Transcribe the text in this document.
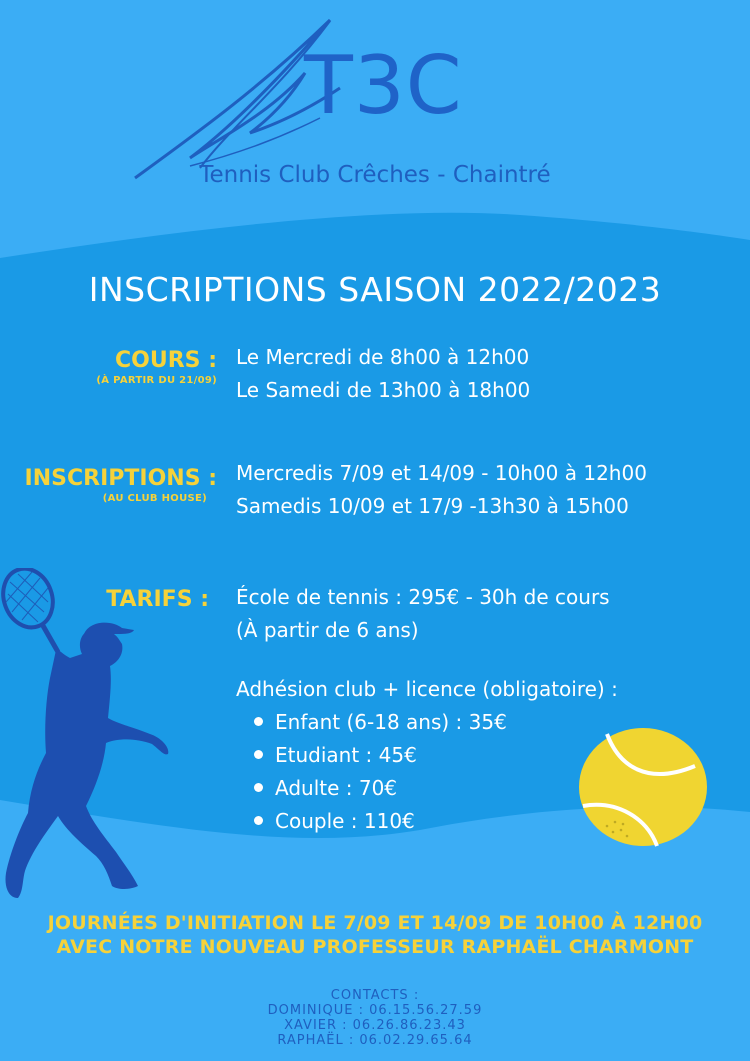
T3C
Tennis Club Crêches - Chaintré
INSCRIPTIONS SAISON 2022/2023
COURS :
(À PARTIR DU 21/09)
Le Mercredi de 8h00 à 12h00
Le Samedi de 13h00 à 18h00
INSCRIPTIONS :
(AU CLUB HOUSE)
Mercredis 7/09 et 14/09 - 10h00 à 12h00
Samedis 10/09 et 17/9 -13h30 à 15h00
TARIFS : École de tennis : 295€ - 30h de cours
(À partir de 6 ans)
Adhésion club + licence (obligatoire) :
Enfant (6-18 ans) : 35€
Etudiant : 45€
Adulte : 70€
Couple : 110€
JOURNÉES D'INITIATION LE 7/09 ET 14/09 DE 10H00 À 12H00
AVEC NOTRE NOUVEAU PROFESSEUR RAPHAËL CHARMONT
CONTACTS :
DOMINIQUE : 06.15.56.27.59
XAVIER : 06.26.86.23.43
RAPHAËL : 06.02.29.65.64
